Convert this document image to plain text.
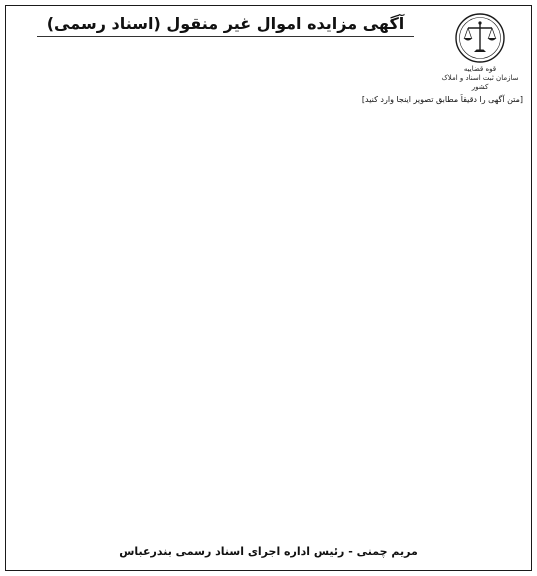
قوه قضاییه
سازمان ثبت اسناد و املاک کشور
آگهی مزایده اموال غیر منقول (اسناد رسمی)
[متن آگهی را دقیقاً مطابق تصویر اینجا وارد کنید]
مریم چمنی - رئیس اداره اجرای اسناد رسمی بندرعباس
